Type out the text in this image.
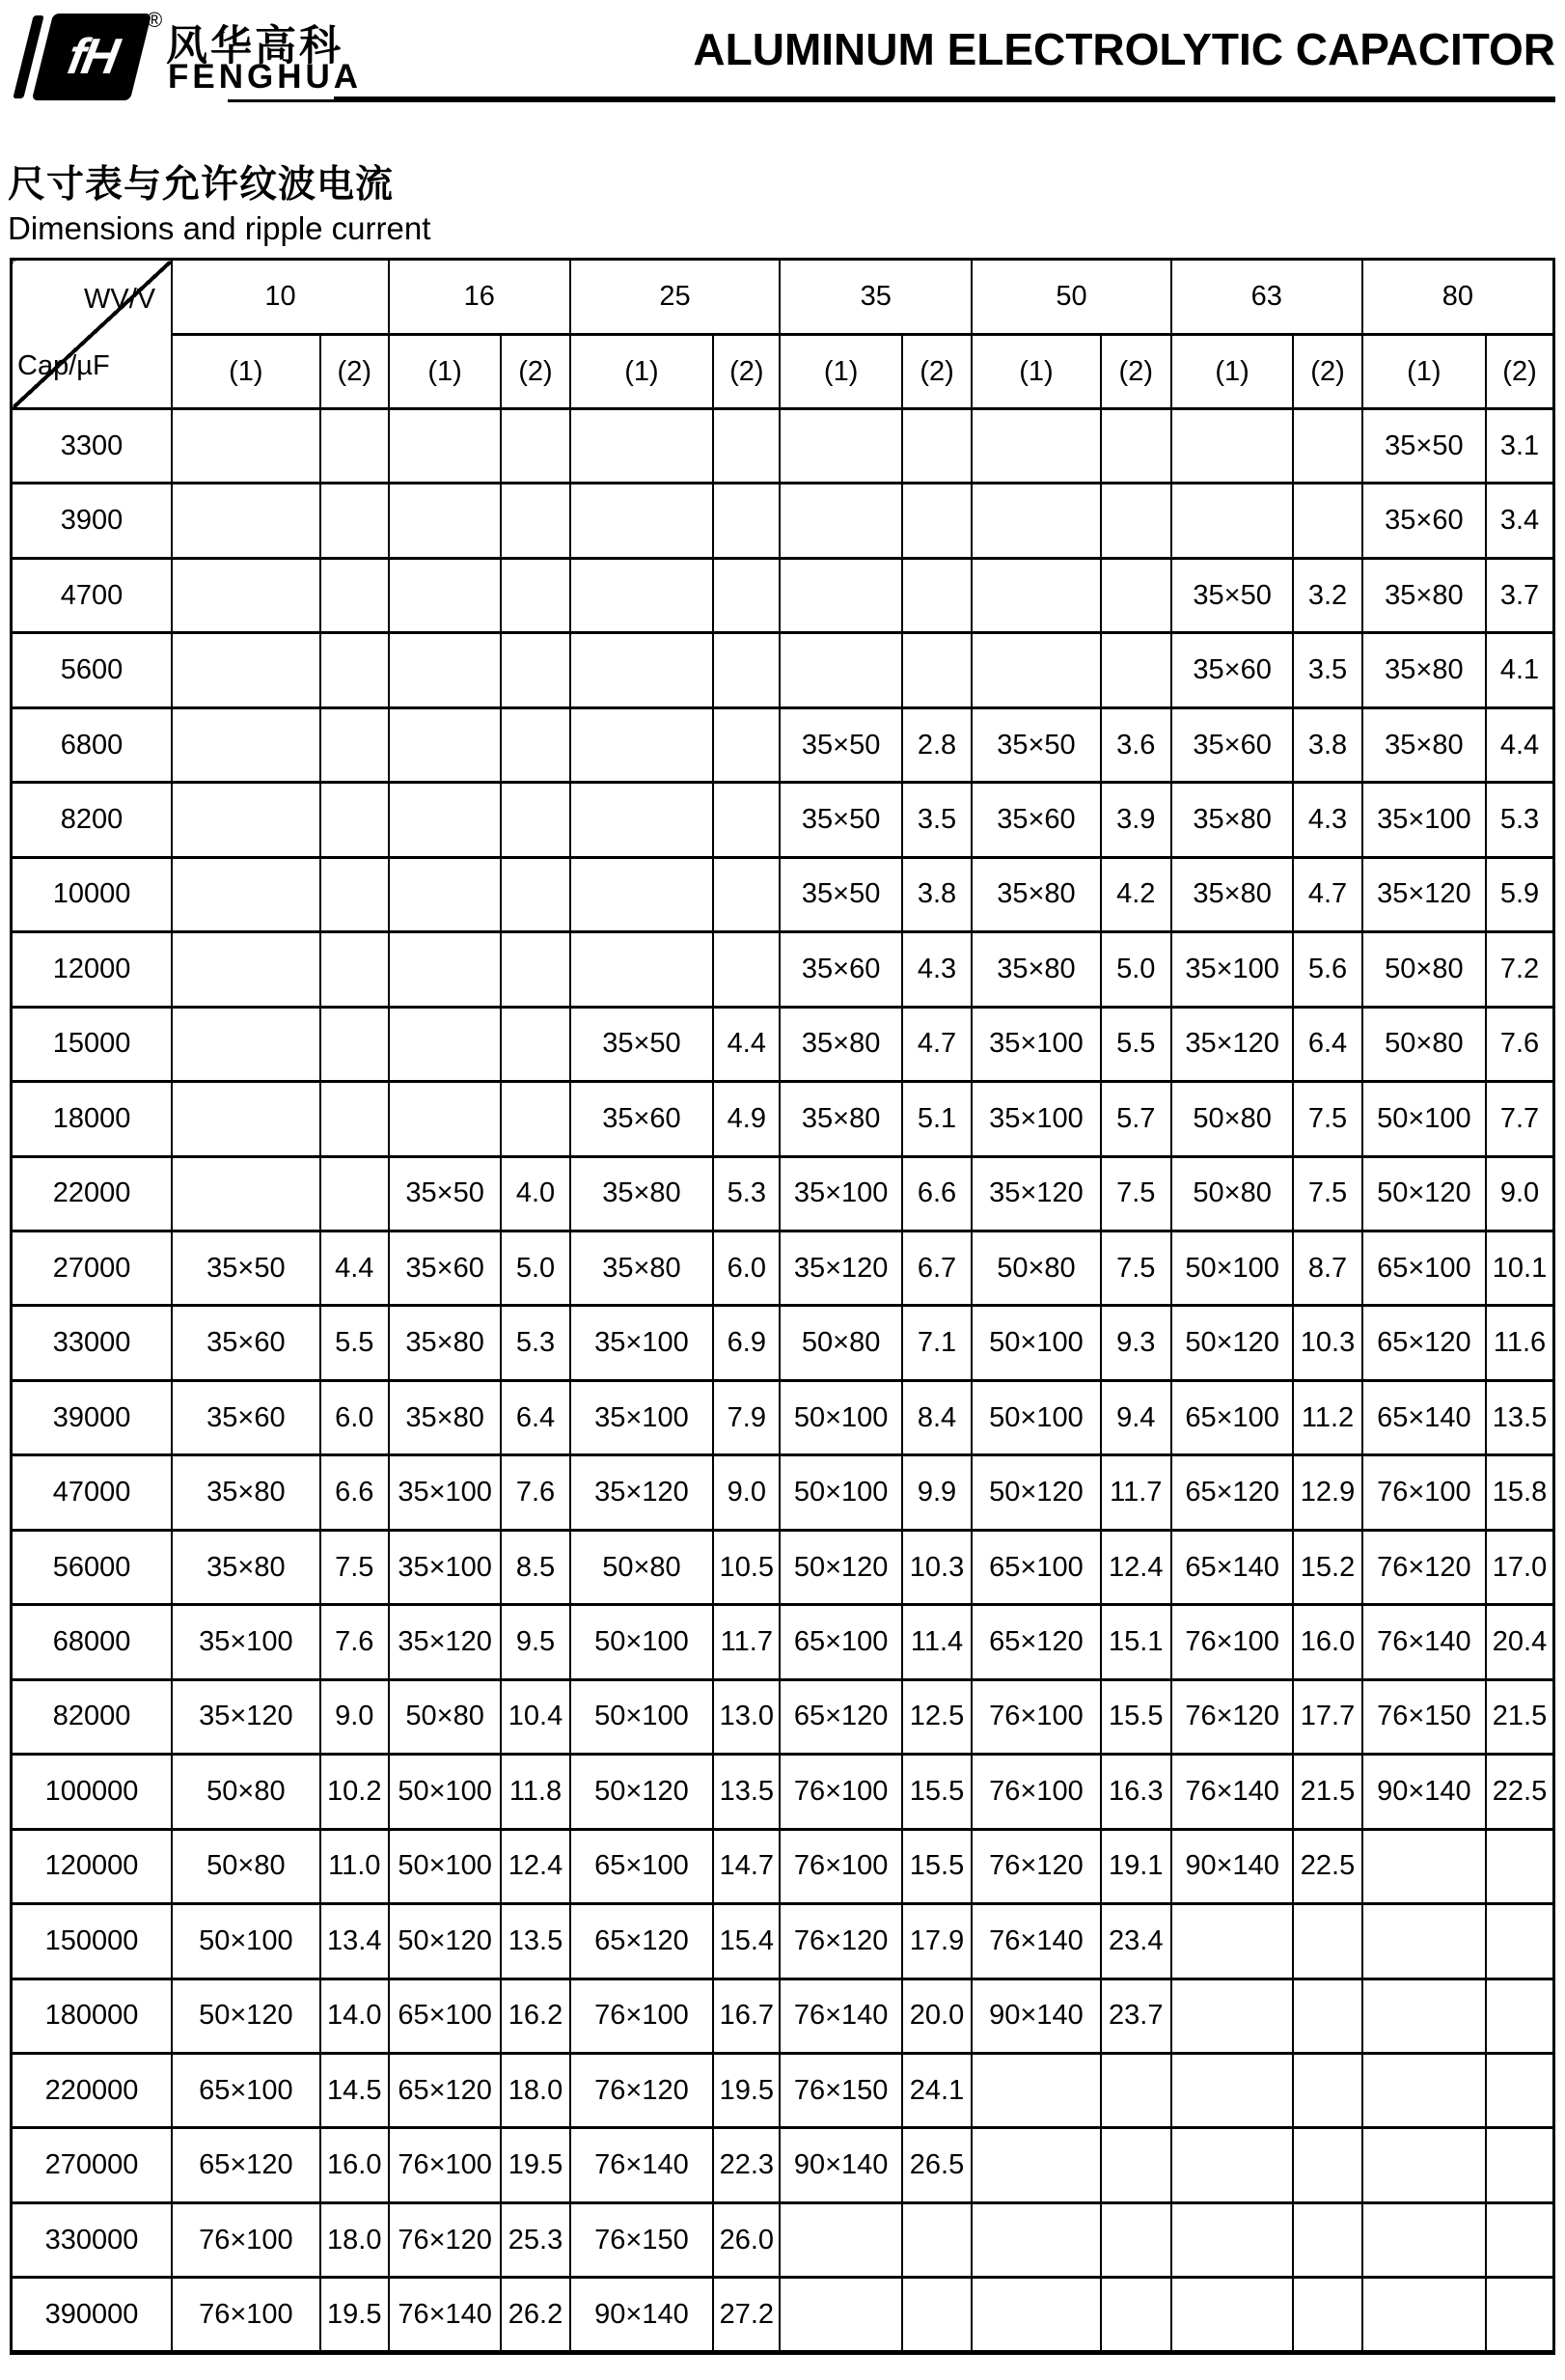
fH
®
风华高科
FENGHUA
ALUMINUM ELECTROLYTIC CAPACITOR
尺寸表与允许纹波电流
Dimensions and ripple current
WV/V
Cap/µF	10		16		25		35		50		63		80	
	(1)	(2)	(1)	(2)	(1)	(2)	(1)	(2)	(1)	(2)	(1)	(2)	(1)	(2)
3300													35×50	3.1
3900													35×60	3.4
4700											35×50	3.2	35×80	3.7
5600											35×60	3.5	35×80	4.1
6800							35×50	2.8	35×50	3.6	35×60	3.8	35×80	4.4
8200							35×50	3.5	35×60	3.9	35×80	4.3	35×100	5.3
10000							35×50	3.8	35×80	4.2	35×80	4.7	35×120	5.9
12000							35×60	4.3	35×80	5.0	35×100	5.6	50×80	7.2
15000					35×50	4.4	35×80	4.7	35×100	5.5	35×120	6.4	50×80	7.6
18000					35×60	4.9	35×80	5.1	35×100	5.7	50×80	7.5	50×100	7.7
22000			35×50	4.0	35×80	5.3	35×100	6.6	35×120	7.5	50×80	7.5	50×120	9.0
27000	35×50	4.4	35×60	5.0	35×80	6.0	35×120	6.7	50×80	7.5	50×100	8.7	65×100	10.1
33000	35×60	5.5	35×80	5.3	35×100	6.9	50×80	7.1	50×100	9.3	50×120	10.3	65×120	11.6
39000	35×60	6.0	35×80	6.4	35×100	7.9	50×100	8.4	50×100	9.4	65×100	11.2	65×140	13.5
47000	35×80	6.6	35×100	7.6	35×120	9.0	50×100	9.9	50×120	11.7	65×120	12.9	76×100	15.8
56000	35×80	7.5	35×100	8.5	50×80	10.5	50×120	10.3	65×100	12.4	65×140	15.2	76×120	17.0
68000	35×100	7.6	35×120	9.5	50×100	11.7	65×100	11.4	65×120	15.1	76×100	16.0	76×140	20.4
82000	35×120	9.0	50×80	10.4	50×100	13.0	65×120	12.5	76×100	15.5	76×120	17.7	76×150	21.5
100000	50×80	10.2	50×100	11.8	50×120	13.5	76×100	15.5	76×100	16.3	76×140	21.5	90×140	22.5
120000	50×80	11.0	50×100	12.4	65×100	14.7	76×100	15.5	76×120	19.1	90×140	22.5		
150000	50×100	13.4	50×120	13.5	65×120	15.4	76×120	17.9	76×140	23.4				
180000	50×120	14.0	65×100	16.2	76×100	16.7	76×140	20.0	90×140	23.7				
220000	65×100	14.5	65×120	18.0	76×120	19.5	76×150	24.1						
270000	65×120	16.0	76×100	19.5	76×140	22.3	90×140	26.5						
330000	76×100	18.0	76×120	25.3	76×150	26.0								
390000	76×100	19.5	76×140	26.2	90×140	27.2								
